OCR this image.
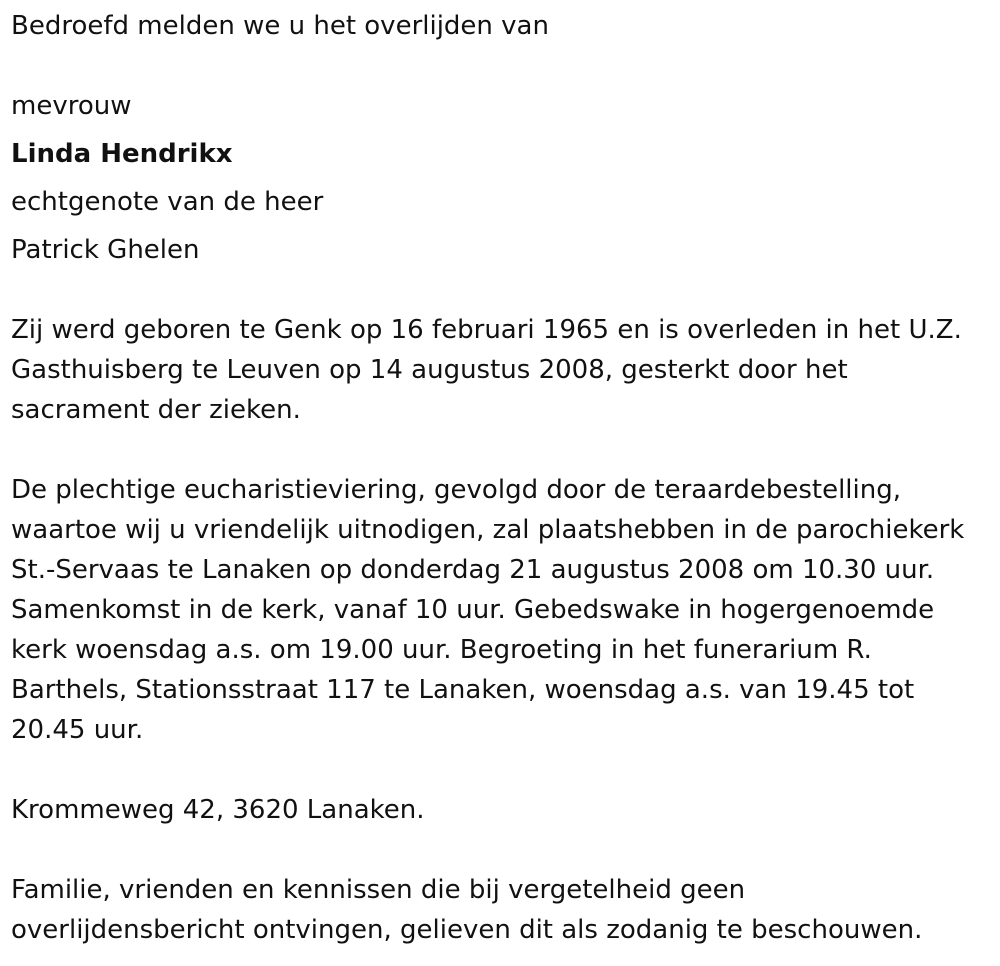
Bedroefd melden we u het overlijden van
mevrouw
Linda Hendrikx
echtgenote van de heer
Patrick Ghelen
Zij werd geboren te Genk op 16 februari 1965 en is overleden in het U.Z.
Gasthuisberg te Leuven op 14 augustus 2008, gesterkt door het
sacrament der zieken.
De plechtige eucharistieviering, gevolgd door de teraardebestelling,
waartoe wij u vriendelijk uitnodigen, zal plaatshebben in de parochiekerk
St.-Servaas te Lanaken op donderdag 21 augustus 2008 om 10.30 uur.
Samenkomst in de kerk, vanaf 10 uur. Gebedswake in hogergenoemde
kerk woensdag a.s. om 19.00 uur. Begroeting in het funerarium R.
Barthels, Stationsstraat 117 te Lanaken, woensdag a.s. van 19.45 tot
20.45 uur.
Krommeweg 42, 3620 Lanaken.
Familie, vrienden en kennissen die bij vergetelheid geen
overlijdensbericht ontvingen, gelieven dit als zodanig te beschouwen.
